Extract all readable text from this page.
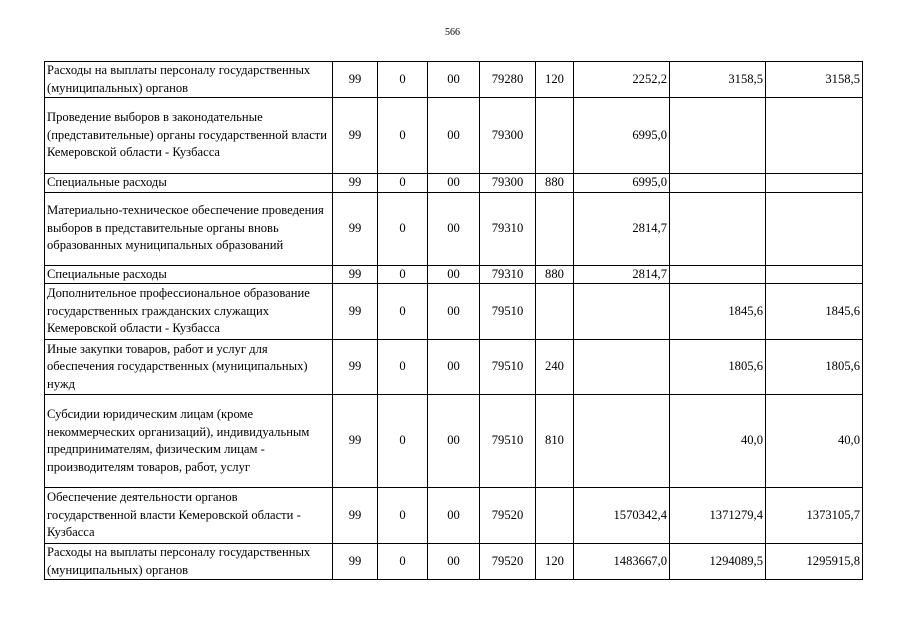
566
Расходы на выплаты персоналу государственных (муниципальных) органов	99	0	00	79280	120	2252,2	3158,5	3158,5
Проведение выборов в законодательные (представительные) органы государственной власти Кемеровской области - Кузбасса	99	0	00	79300		6995,0		
Специальные расходы	99	0	00	79300	880	6995,0		
Материально-техническое обеспечение проведения выборов в представительные органы вновь образованных муниципальных образований	99	0	00	79310		2814,7		
Специальные расходы	99	0	00	79310	880	2814,7		
Дополнительное профессиональное образование государственных гражданских служащих Кемеровской области - Кузбасса	99	0	00	79510			1845,6	1845,6
Иные закупки товаров, работ и услуг для обеспечения государственных (муниципальных) нужд	99	0	00	79510	240		1805,6	1805,6
Субсидии юридическим лицам (кроме некоммерческих организаций), индивидуальным предпринимателям, физическим лицам - производителям товаров, работ, услуг	99	0	00	79510	810		40,0	40,0
Обеспечение деятельности органов государственной власти Кемеровской области - Кузбасса	99	0	00	79520		1570342,4	1371279,4	1373105,7
Расходы на выплаты персоналу государственных (муниципальных) органов	99	0	00	79520	120	1483667,0	1294089,5	1295915,8
